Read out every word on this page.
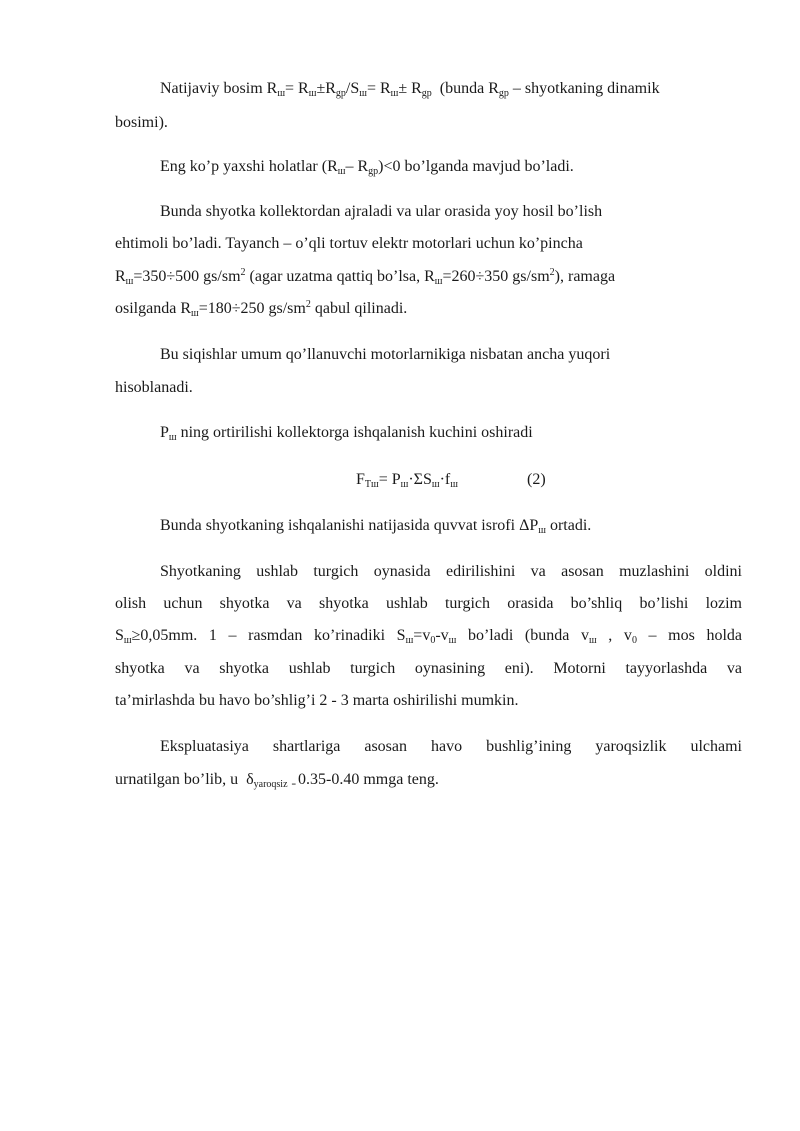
Natijaviy bosim $R_ш= R_ш\pm R_{gp}/S_ш= R_ш\pm R_{gp}$  (bunda $R_{gp}$ – shyotkaning dinamik
bosimi).
Eng ko’p yaxshi holatlar ($R_ш-$ $R_{gp})<0$ bo’lganda mavjud bo’ladi.
Bunda shyotka kollektordan ajraladi va ular orasida yoy hosil bo’lish
ehtimoli bo’ladi. Tayanch – o’qli tortuv elektr motorlari uchun ko’pincha
$R_ш=350\div 500$ $gs/sm^2$ (agar uzatma qattiq bo’lsa, $R_ш=260\div 350$ $gs/sm^2$), ramaga
osilganda $R_ш=180\div 250$ $gs/sm^2$ qabul qilinadi.
Bu siqishlar umum qo’llanuvchi motorlarnikiga nisbatan ancha yuqori
hisoblanadi.
$P_ш$ ning ortirilishi kollektorga ishqalanish kuchini oshiradi
$F_{Tш}= P_ш\cdot\Sigma S_ш\cdot f_ш$	(2)
Bunda shyotkaning ishqalanishi natijasida quvvat isrofi $\Delta P_ш$ ortadi.
Shyotkaning ushlab turgich oynasida edirilishini va asosan muzlashini oldini
olish uchun shyotka va shyotka ushlab turgich orasida bo’shliq bo’lishi lozim
$S_ш\ge 0,05mm$. 1 – rasmdan ko’rinadiki $S_ш=v_0-v_ш$ bo’ladi (bunda $v_ш$ , $v_0$ – mos holda
shyotka va shyotka ushlab turgich oynasining eni). Motorni tayyorlashda va
ta’mirlashda bu havo bo’shlig’i 2 - 3 marta oshirilishi mumkin.
Ekspluatasiya shartlariga asosan havo bushlig’ining yaroqsizlik ulchami
urnatilgan bo’lib, u  $\delta_{yaroqsiz} = 0.35-0.40$ mmga teng.
